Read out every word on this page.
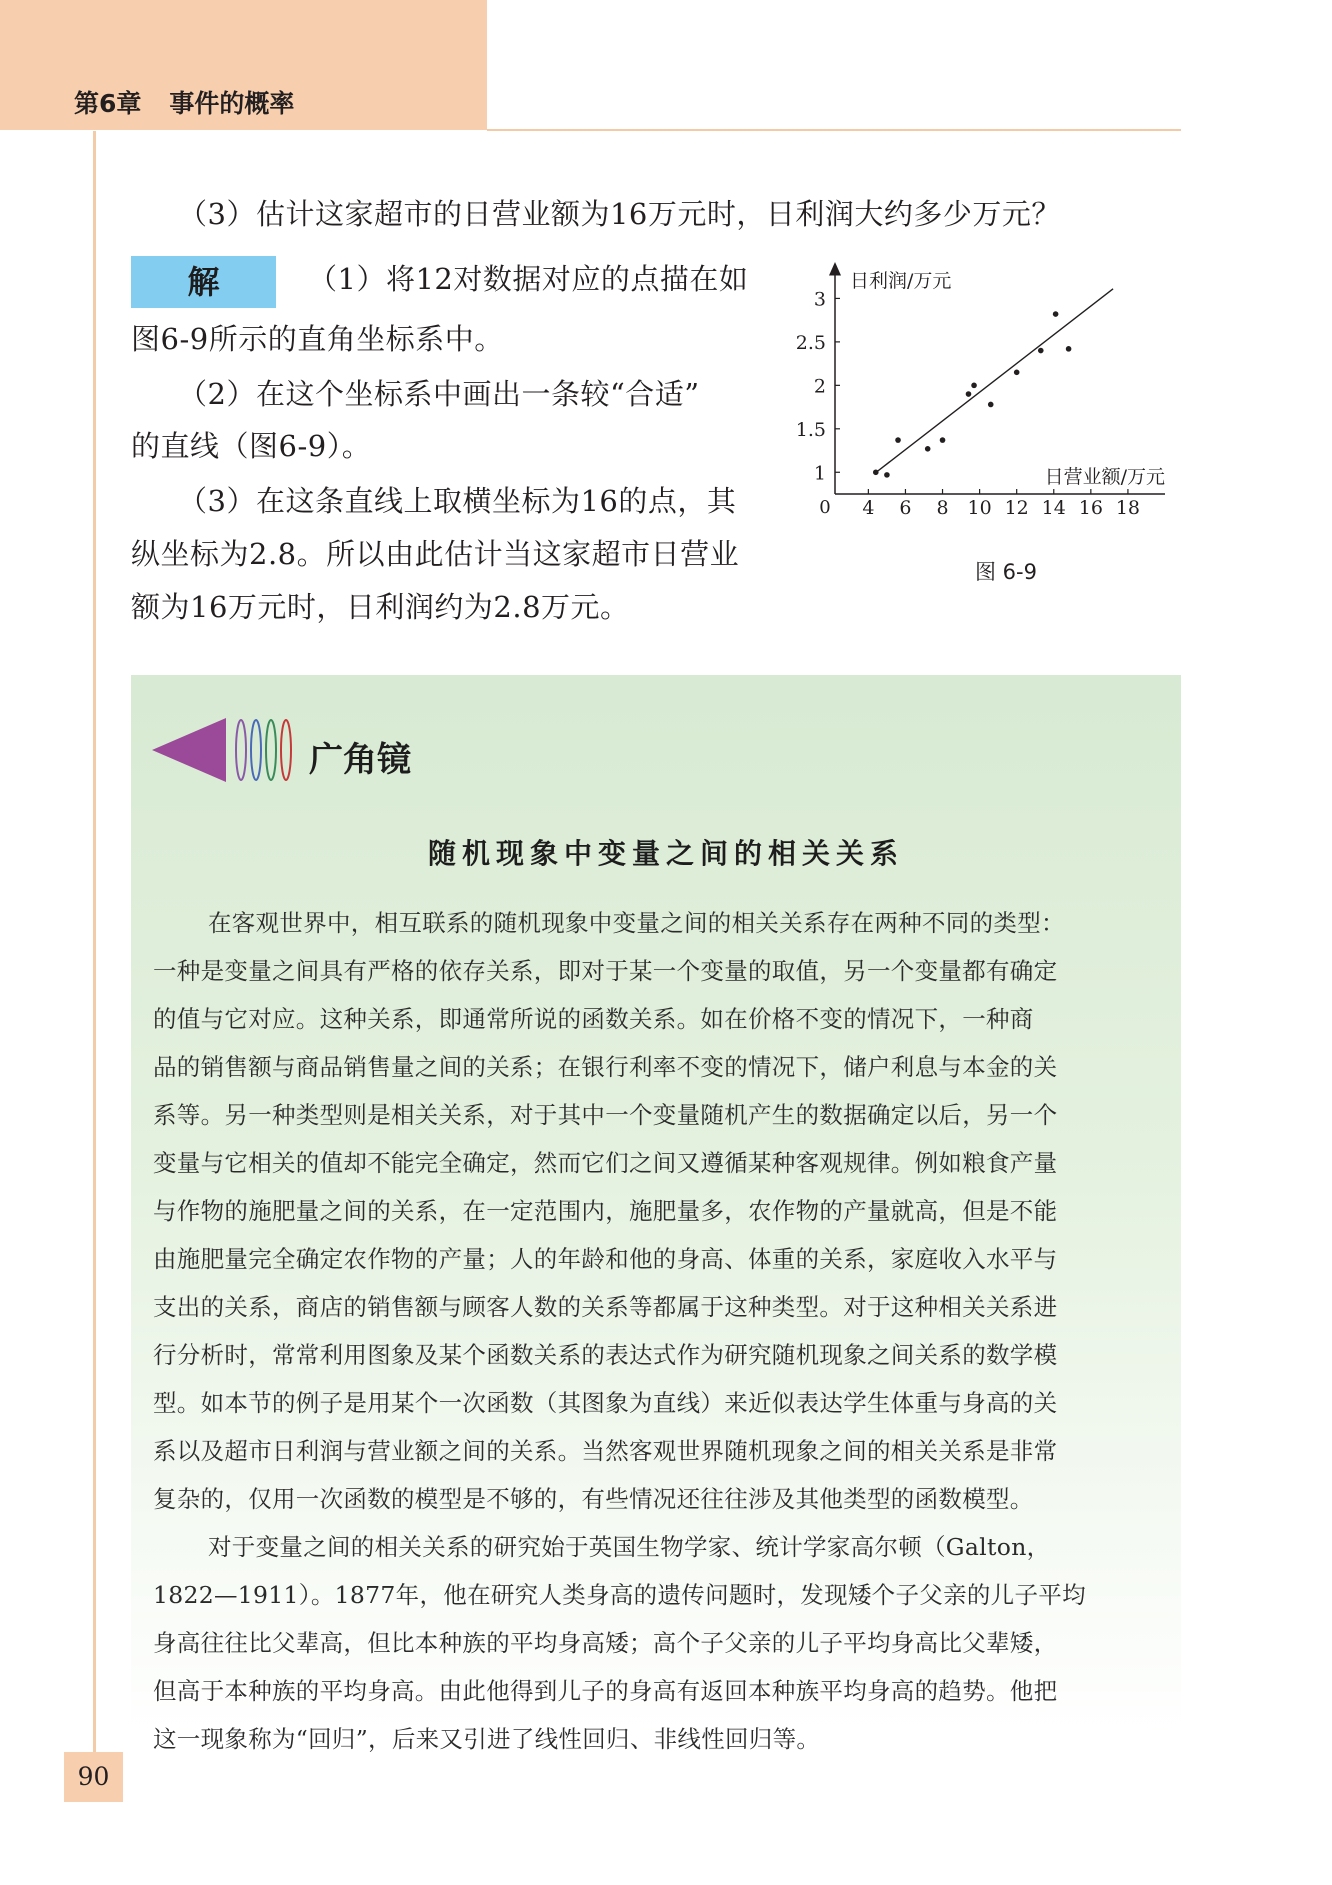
第6章 事件的概率
（3）估计这家超市的日营业额为16万元时，日利润大约多少万元？
解	（1）将12对数据对应的点描在如
图6-9所示的直角坐标系中。
（2）在这个坐标系中画出一条较“合适”
的直线（图6-9）。
（3）在这条直线上取横坐标为16的点，其
纵坐标为2.8。所以由此估计当这家超市日营业
额为16万元时，日利润约为2.8万元。
4 6 8 10 12 14 16 18
1
1.5
2
2.5
3
日利润/万元
日营业额/万元
0
图 6-9
广角镜
随机现象中变量之间的相关关系
在客观世界中，相互联系的随机现象中变量之间的相关关系存在两种不同的类型：
一种是变量之间具有严格的依存关系，即对于某一个变量的取值，另一个变量都有确定
的值与它对应。这种关系，即通常所说的函数关系。如在价格不变的情况下，一种商
品的销售额与商品销售量之间的关系；在银行利率不变的情况下，储户利息与本金的关
系等。另一种类型则是相关关系，对于其中一个变量随机产生的数据确定以后，另一个
变量与它相关的值却不能完全确定，然而它们之间又遵循某种客观规律。例如粮食产量
与作物的施肥量之间的关系，在一定范围内，施肥量多，农作物的产量就高，但是不能
由施肥量完全确定农作物的产量；人的年龄和他的身高、体重的关系，家庭收入水平与
支出的关系，商店的销售额与顾客人数的关系等都属于这种类型。对于这种相关关系进
行分析时，常常利用图象及某个函数关系的表达式作为研究随机现象之间关系的数学模
型。如本节的例子是用某个一次函数（其图象为直线）来近似表达学生体重与身高的关
系以及超市日利润与营业额之间的关系。当然客观世界随机现象之间的相关关系是非常
复杂的，仅用一次函数的模型是不够的，有些情况还往往涉及其他类型的函数模型。
对于变量之间的相关关系的研究始于英国生物学家、统计学家高尔顿（Galton，
1822—1911）。1877年，他在研究人类身高的遗传问题时，发现矮个子父亲的儿子平均
身高往往比父辈高，但比本种族的平均身高矮；高个子父亲的儿子平均身高比父辈矮，
但高于本种族的平均身高。由此他得到儿子的身高有返回本种族平均身高的趋势。他把
这一现象称为“回归”，后来又引进了线性回归、非线性回归等。
90
